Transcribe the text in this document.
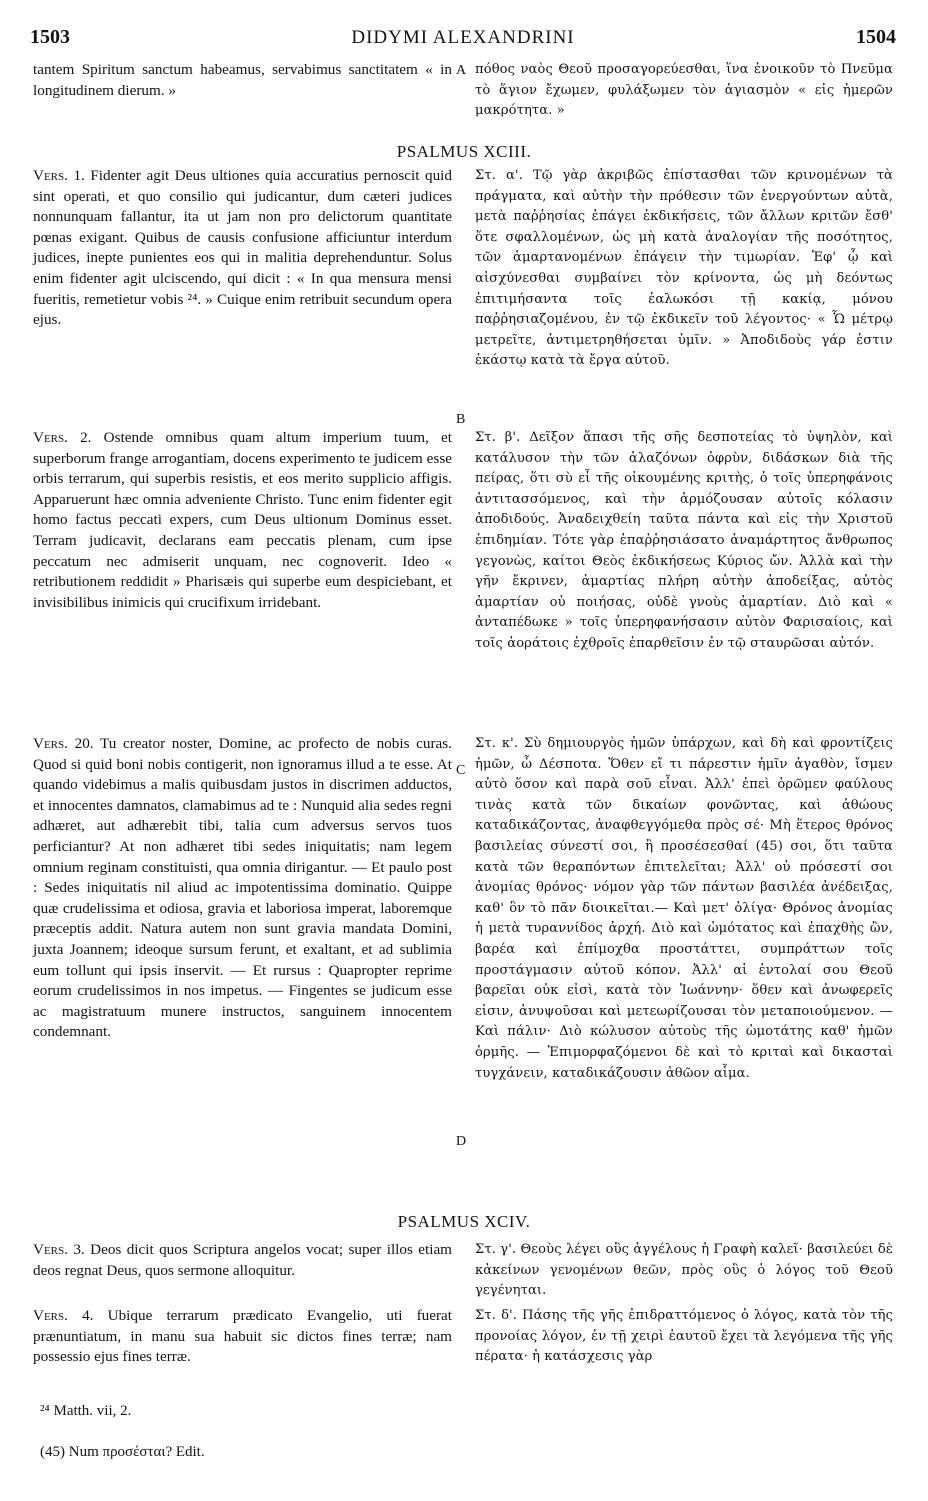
1503	DIDYMI ALEXANDRINI	1504

tantem Spiritum sanctum habeamus, servabimus sanctitatem « in longitudinem dierum. »

πόθος ναὸς Θεοῦ προσαγορεύεσθαι, ἵνα ἐνοικοῦν τὸ Πνεῦμα τὸ ἅγιον ἔχωμεν, φυλάξωμεν τὸν ἁγιασμὸν « εἰς ἡμερῶν μακρότητα. »

A

PSALMUS XCIII.

Vers. 1. Fidenter agit Deus ultiones quia accuratius pernoscit quid sint operati, et quo consilio qui judicantur, dum cæteri judices nonnunquam fallantur, ita ut jam non pro delictorum quantitate pœnas exigant. Quibus de causis confusione afficiuntur interdum judices, inepte punientes eos qui in malitia deprehenduntur. Solus enim fidenter agit ulciscendo, qui dicit : « In qua mensura mensi fueritis, remetietur vobis ²⁴. » Cuique enim retribuit secundum opera ejus.

Στ. α'. Τῷ γὰρ ἀκριβῶς ἐπίστασθαι τῶν κρινομένων τὰ πράγματα, καὶ αὐτὴν τὴν πρόθεσιν τῶν ἐνεργούντων αὐτὰ, μετὰ παῤῥησίας ἐπάγει ἐκδικήσεις, τῶν ἄλλων κριτῶν ἔσθ' ὅτε σφαλλομένων, ὡς μὴ κατὰ ἀναλογίαν τῆς ποσότητος, τῶν ἁμαρτανομένων ἐπάγειν τὴν τιμωρίαν. Ἐφ' ᾧ καὶ αἰσχύνεσθαι συμβαίνει τὸν κρίνοντα, ὡς μὴ δεόντως ἐπιτιμήσαντα τοῖς ἑαλωκόσι τῇ κακίᾳ, μόνου παῤῥησιαζομένου, ἐν τῷ ἐκδικεῖν τοῦ λέγοντος· « Ὧ μέτρῳ μετρεῖτε, ἀντιμετρηθήσεται ὑμῖν. » Ἀποδιδοὺς γάρ ἐστιν ἑκάστῳ κατὰ τὰ ἔργα αὐτοῦ.

B

Vers. 2. Ostende omnibus quam altum imperium tuum, et superborum frange arrogantiam, docens experimento te judicem esse orbis terrarum, qui superbis resistis, et eos merito supplicio affigis. Apparuerunt hæc omnia adveniente Christo. Tunc enim fidenter egit homo factus peccati expers, cum Deus ultionum Dominus esset. Terram judicavit, declarans eam peccatis plenam, cum ipse peccatum nec admiserit unquam, nec cognoverit. Ideo « retributionem reddidit » Pharisæis qui superbe eum despiciebant, et invisibilibus inimicis qui crucifixum irridebant.

Στ. β'. Δεῖξον ἅπασι τῆς σῆς δεσποτείας τὸ ὑψηλὸν, καὶ κατάλυσον τὴν τῶν ἀλαζόνων ὀφρὺν, διδάσκων διὰ τῆς πείρας, ὅτι σὺ εἶ τῆς οἰκουμένης κριτὴς, ὁ τοῖς ὑπερηφάνοις ἀντιτασσόμενος, καὶ τὴν ἁρμόζουσαν αὐτοῖς κόλασιν ἀποδιδούς. Ἀναδειχθείη ταῦτα πάντα καὶ εἰς τὴν Χριστοῦ ἐπιδημίαν. Τότε γὰρ ἐπαῤῥησιάσατο ἀναμάρτητος ἄνθρωπος γεγονὼς, καίτοι Θεὸς ἐκδικήσεως Κύριος ὤν. Ἀλλὰ καὶ τὴν γῆν ἔκρινεν, ἁμαρτίας πλήρη αὐτὴν ἀποδείξας, αὐτὸς ἁμαρτίαν οὐ ποιήσας, οὐδὲ γνοὺς ἁμαρτίαν. Διὸ καὶ « ἀνταπέδωκε » τοῖς ὑπερηφανήσασιν αὐτὸν Φαρισαίοις, καὶ τοῖς ἀοράτοις ἐχθροῖς ἐπαρθεῖσιν ἐν τῷ σταυρῶσαι αὐτόν.

Vers. 20. Tu creator noster, Domine, ac profecto de nobis curas. Quod si quid boni nobis contigerit, non ignoramus illud a te esse. At quando videbimus a malis quibusdam justos in discrimen adductos, et innocentes damnatos, clamabimus ad te : Nunquid alia sedes regni adhæret, aut adhærebit tibi, talia cum adversus servos tuos perficiantur? At non adhæret tibi sedes iniquitatis; nam legem omnium reginam constituisti, qua omnia dirigantur. — Et paulo post : Sedes iniquitatis nil aliud ac impotentissima dominatio. Quippe quæ crudelissima et odiosa, gravia et laboriosa imperat, laboremque præceptis addit. Natura autem non sunt gravia mandata Domini, juxta Joannem; ideoque sursum ferunt, et exaltant, et ad sublimia eum tollunt qui ipsis inservit. — Et rursus : Quapropter reprime eorum crudelissimos in nos impetus. — Fingentes se judicum esse ac magistratuum munere instructos, sanguinem innocentem condemnant.

Στ. κ'. Σὺ δημιουργὸς ἡμῶν ὑπάρχων, καὶ δὴ καὶ φροντίζεις ἡμῶν, ὦ Δέσποτα. Ὅθεν εἴ τι πάρεστιν ἡμῖν ἀγαθὸν, ἴσμεν αὐτὸ ὅσον καὶ παρὰ σοῦ εἶναι. Ἀλλ' ἐπεὶ ὁρῶμεν φαύλους τινὰς κατὰ τῶν δικαίων φονῶντας, καὶ ἀθώους καταδικάζοντας, ἀναφθεγγόμεθα πρὸς σέ· Μὴ ἕτερος θρόνος βασιλείας σύνεστί σοι, ἢ προσέσεσθαί (45) σοι, ὅτι ταῦτα κατὰ τῶν θεραπόντων ἐπιτελεῖται; Ἀλλ' οὐ πρόσεστί σοι ἀνομίας θρόνος· νόμον γὰρ τῶν πάντων βασιλέα ἀνέδειξας, καθ' ὃν τὸ πᾶν διοικεῖται.— Καὶ μετ' ὀλίγα· Θρόνος ἀνομίας ἡ μετὰ τυραννίδος ἀρχή. Διὸ καὶ ὠμότατος καὶ ἐπαχθὴς ὢν, βαρέα καὶ ἐπίμοχθα προστάττει, συμπράττων τοῖς προστάγμασιν αὐτοῦ κόπον. Ἀλλ' αἱ ἐντολαί σου Θεοῦ βαρεῖαι οὐκ εἰσὶ, κατὰ τὸν Ἰωάννην· ὅθεν καὶ ἀνωφερεῖς εἰσιν, ἀνυψοῦσαι καὶ μετεωρίζουσαι τὸν μεταποιούμενον. — Καὶ πάλιν· Διὸ κώλυσον αὐτοὺς τῆς ὠμοτάτης καθ' ἡμῶν ὁρμῆς. — Ἐπιμορφαζόμενοι δὲ καὶ τὸ κριταὶ καὶ δικασταὶ τυγχάνειν, καταδικάζουσιν ἀθῶον αἷμα.

C
D

PSALMUS XCIV.

Vers. 3. Deos dicit quos Scriptura angelos vocat; super illos etiam deos regnat Deus, quos sermone alloquitur.

Στ. γ'. Θεοὺς λέγει οὓς ἀγγέλους ἡ Γραφὴ καλεῖ· βασιλεύει δὲ κἀκείνων γενομένων θεῶν, πρὸς οὓς ὁ λόγος τοῦ Θεοῦ γεγένηται.

Vers. 4. Ubique terrarum prædicato Evangelio, uti fuerat prænuntiatum, in manu sua habuit sic dictos fines terræ; nam possessio ejus fines terræ.

Στ. δ'. Πάσης τῆς γῆς ἐπιδραττόμενος ὁ λόγος, κατὰ τὸν τῆς προνοίας λόγον, ἐν τῇ χειρὶ ἑαυτοῦ ἔχει τὰ λεγόμενα τῆς γῆς πέρατα· ἡ κατάσχεσις γὰρ

²⁴ Matth. vii, 2.

(45) Num προσέσται? Edit.
